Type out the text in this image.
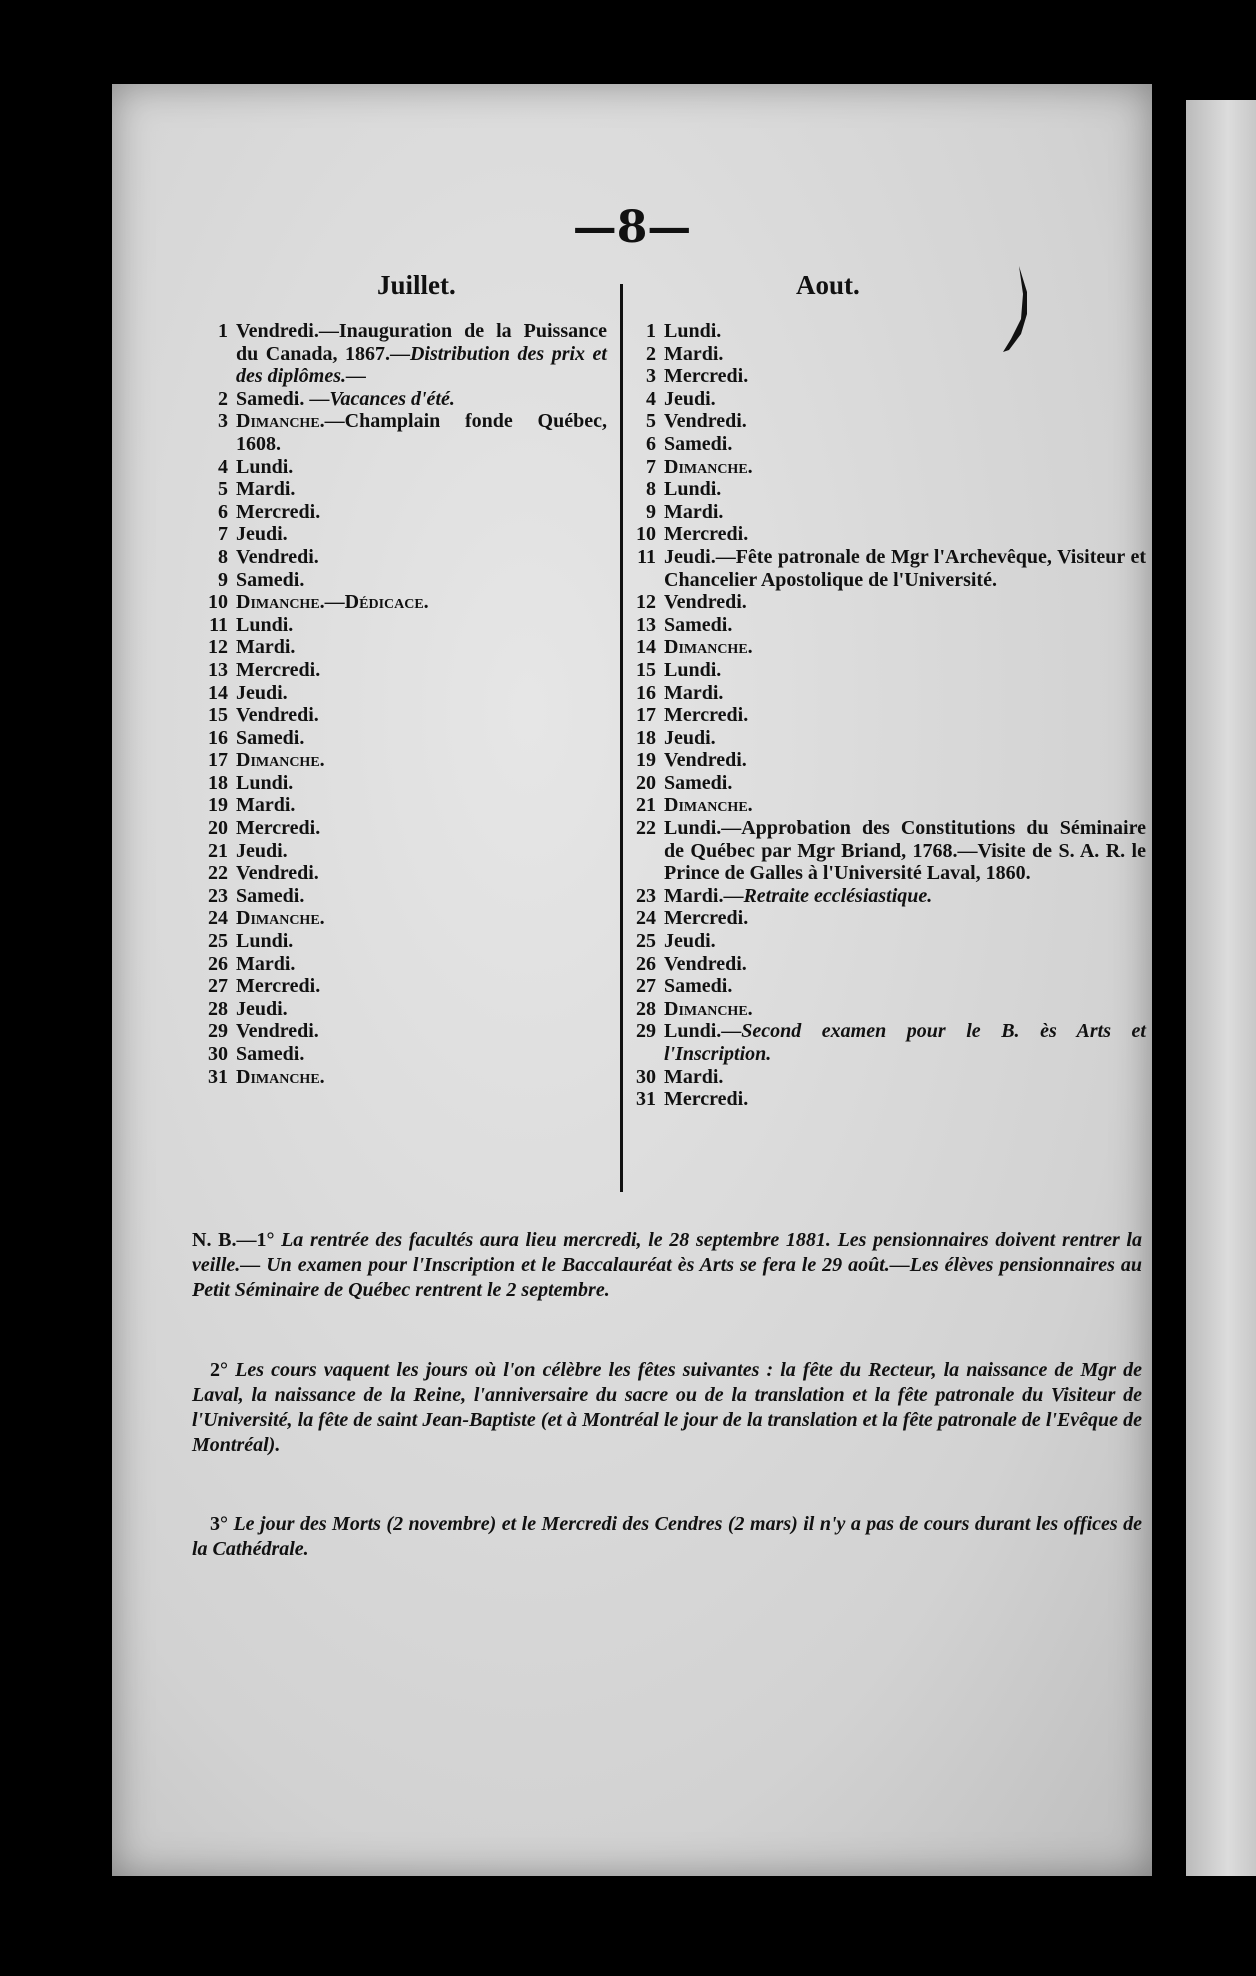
—8—
Juillet.	Aout.
1 Vendredi.—Inauguration de la Puissance du Canada, 1867.—Distribution des prix et des diplômes.—
2 Samedi. —Vacances d'été.
3 Dimanche.—Champlain fonde Québec, 1608.
4 Lundi.
5 Mardi.
6 Mercredi.
7 Jeudi.
8 Vendredi.
9 Samedi.
10 Dimanche.—Dédicace.
11 Lundi.
12 Mardi.
13 Mercredi.
14 Jeudi.
15 Vendredi.
16 Samedi.
17 Dimanche.
18 Lundi.
19 Mardi.
20 Mercredi.
21 Jeudi.
22 Vendredi.
23 Samedi.
24 Dimanche.
25 Lundi.
26 Mardi.
27 Mercredi.
28 Jeudi.
29 Vendredi.
30 Samedi.
31 Dimanche.
1 Lundi.
2 Mardi.
3 Mercredi.
4 Jeudi.
5 Vendredi.
6 Samedi.
7 Dimanche.
8 Lundi.
9 Mardi.
10 Mercredi.
11 Jeudi.—Fête patronale de Mgr l'Archevêque, Visiteur et Chancelier Apostolique de l'Université.
12 Vendredi.
13 Samedi.
14 Dimanche.
15 Lundi.
16 Mardi.
17 Mercredi.
18 Jeudi.
19 Vendredi.
20 Samedi.
21 Dimanche.
22 Lundi.—Approbation des Constitutions du Séminaire de Québec par Mgr Briand, 1768.—Visite de S. A. R. le Prince de Galles à l'Université Laval, 1860.
23 Mardi.—Retraite ecclésiastique.
24 Mercredi.
25 Jeudi.
26 Vendredi.
27 Samedi.
28 Dimanche.
29 Lundi.—Second examen pour le B. ès Arts et l'Inscription.
30 Mardi.
31 Mercredi.
N. B.—1° La rentrée des facultés aura lieu mercredi, le 28 septembre 1881. Les pensionnaires doivent rentrer la veille.— Un examen pour l'Inscription et le Baccalauréat ès Arts se fera le 29 août.—Les élèves pensionnaires au Petit Séminaire de Québec rentrent le 2 septembre.
2° Les cours vaquent les jours où l'on célèbre les fêtes suivantes : la fête du Recteur, la naissance de Mgr de Laval, la naissance de la Reine, l'anniversaire du sacre ou de la translation et la fête patronale du Visiteur de l'Université, la fête de saint Jean-Baptiste (et à Montréal le jour de la translation et la fête patronale de l'Evêque de Montréal).
3° Le jour des Morts (2 novembre) et le Mercredi des Cendres (2 mars) il n'y a pas de cours durant les offices de la Cathédrale.
